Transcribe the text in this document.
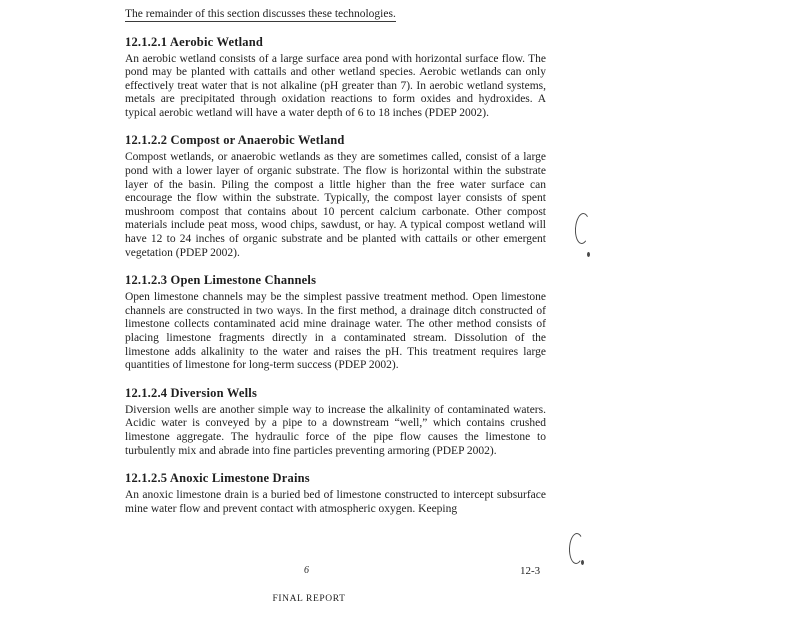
The remainder of this section discusses these technologies.

12.1.2.1 Aerobic Wetland

An aerobic wetland consists of a large surface area pond with horizontal surface flow. The pond may be planted with cattails and other wetland species. Aerobic wetlands can only effectively treat water that is not alkaline (pH greater than 7). In aerobic wetland systems, metals are precipitated through oxidation reactions to form oxides and hydroxides. A typical aerobic wetland will have a water depth of 6 to 18 inches (PDEP 2002).

12.1.2.2 Compost or Anaerobic Wetland

Compost wetlands, or anaerobic wetlands as they are sometimes called, consist of a large pond with a lower layer of organic substrate. The flow is horizontal within the substrate layer of the basin. Piling the compost a little higher than the free water surface can encourage the flow within the substrate. Typically, the compost layer consists of spent mushroom compost that contains about 10 percent calcium carbonate. Other compost materials include peat moss, wood chips, sawdust, or hay. A typical compost wetland will have 12 to 24 inches of organic substrate and be planted with cattails or other emergent vegetation (PDEP 2002).

12.1.2.3 Open Limestone Channels

Open limestone channels may be the simplest passive treatment method. Open limestone channels are constructed in two ways. In the first method, a drainage ditch constructed of limestone collects contaminated acid mine drainage water. The other method consists of placing limestone fragments directly in a contaminated stream. Dissolution of the limestone adds alkalinity to the water and raises the pH. This treatment requires large quantities of limestone for long-term success (PDEP 2002).

12.1.2.4 Diversion Wells

Diversion wells are another simple way to increase the alkalinity of contaminated waters. Acidic water is conveyed by a pipe to a downstream “well,” which contains crushed limestone aggregate. The hydraulic force of the pipe flow causes the limestone to turbulently mix and abrade into fine particles preventing armoring (PDEP 2002).

12.1.2.5 Anoxic Limestone Drains

An anoxic limestone drain is a buried bed of limestone constructed to intercept subsurface mine water flow and prevent contact with atmospheric oxygen. Keeping

6	12-3
FINAL REPORT
